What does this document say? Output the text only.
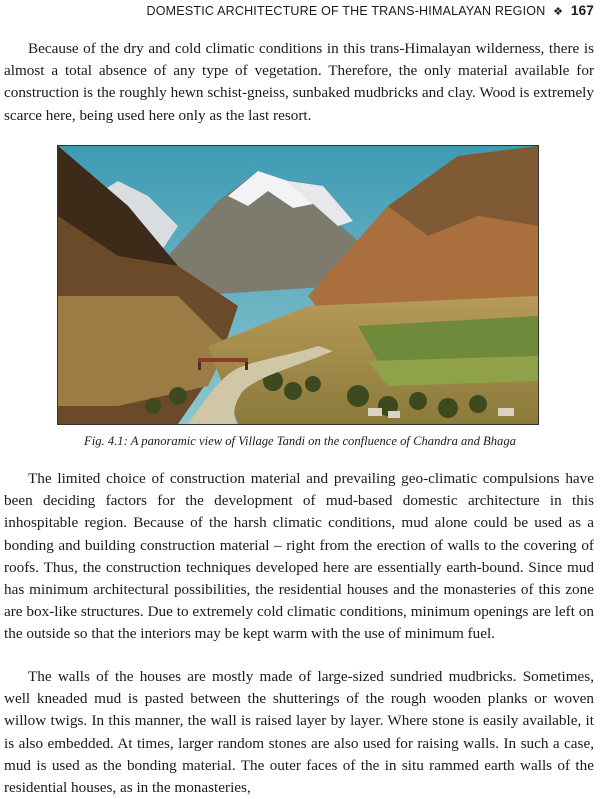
DOMESTIC ARCHITECTURE OF THE TRANS-HIMALAYAN REGION ❖ 167

Because of the dry and cold climatic conditions in this trans-Himalayan wilderness, there is almost a total absence of any type of vegetation. Therefore, the only material available for construction is the roughly hewn schist-gneiss, sunbaked mudbricks and clay. Wood is extremely scarce here, being used here only as the last resort.

Fig. 4.1: A panoramic view of Village Tandi on the confluence of Chandra and Bhaga

The limited choice of construction material and prevailing geo-climatic compulsions have been deciding factors for the development of mud-based domestic architecture in this inhospitable region. Because of the harsh climatic conditions, mud alone could be used as a bonding and building construction material – right from the erection of walls to the covering of roofs. Thus, the construction techniques developed here are essentially earth-bound. Since mud has minimum architectural possibilities, the residential houses and the monasteries of this zone are box-like structures. Due to extremely cold climatic conditions, minimum openings are left on the outside so that the interiors may be kept warm with the use of minimum fuel.

The walls of the houses are mostly made of large-sized sundried mudbricks. Sometimes, well kneaded mud is pasted between the shutterings of the rough wooden planks or woven willow twigs. In this manner, the wall is raised layer by layer. Where stone is easily available, it is also embedded. At times, larger random stones are also used for raising walls. In such a case, mud is used as the bonding material. The outer faces of the in situ rammed earth walls of the residential houses, as in the monasteries,
